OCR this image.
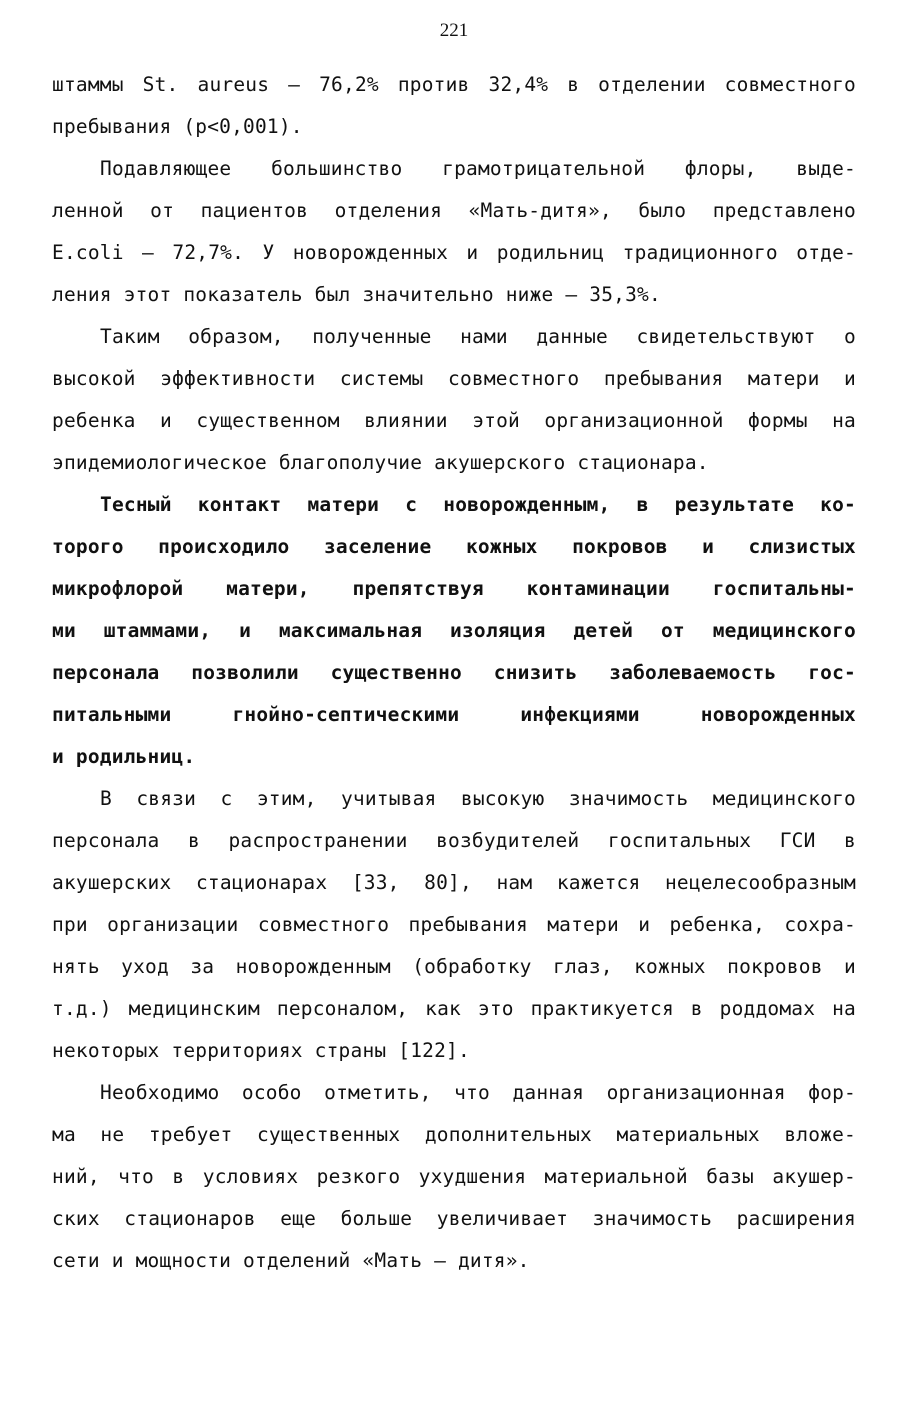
221
штаммы St. aureus – 76,2% против 32,4% в отделении совместного
пребывания (р<0,001).
Подавляющее большинство грамотрицательной флоры, выде-
ленной от пациентов отделения «Мать-дитя», было представлено
E.coli – 72,7%. У новорожденных и родильниц традиционного отде-
ления этот показатель был значительно ниже – 35,3%.
Таким образом, полученные нами данные свидетельствуют о
высокой эффективности системы совместного пребывания матери и
ребенка и существенном влиянии этой организационной формы на
эпидемиологическое благополучие акушерского стационара.
Тесный контакт матери с новорожденным, в результате ко-
торого происходило заселение кожных покровов и слизистых
микрофлорой матери, препятствуя контаминации госпитальны-
ми штаммами, и максимальная изоляция детей от медицинского
персонала позволили существенно снизить заболеваемость гос-
питальными гнойно-септическими инфекциями новорожденных
и родильниц.
В связи с этим, учитывая высокую значимость медицинского
персонала в распространении возбудителей госпитальных ГСИ в
акушерских стационарах [33, 80], нам кажется нецелесообразным
при организации совместного пребывания матери и ребенка, сохра-
нять уход за новорожденным (обработку глаз, кожных покровов и
т.д.) медицинским персоналом, как это практикуется в роддомах на
некоторых территориях страны [122].
Необходимо особо отметить, что данная организационная фор-
ма не требует существенных дополнительных материальных вложе-
ний, что в условиях резкого ухудшения материальной базы акушер-
ских стационаров еще больше увеличивает значимость расширения
сети и мощности отделений «Мать – дитя».
